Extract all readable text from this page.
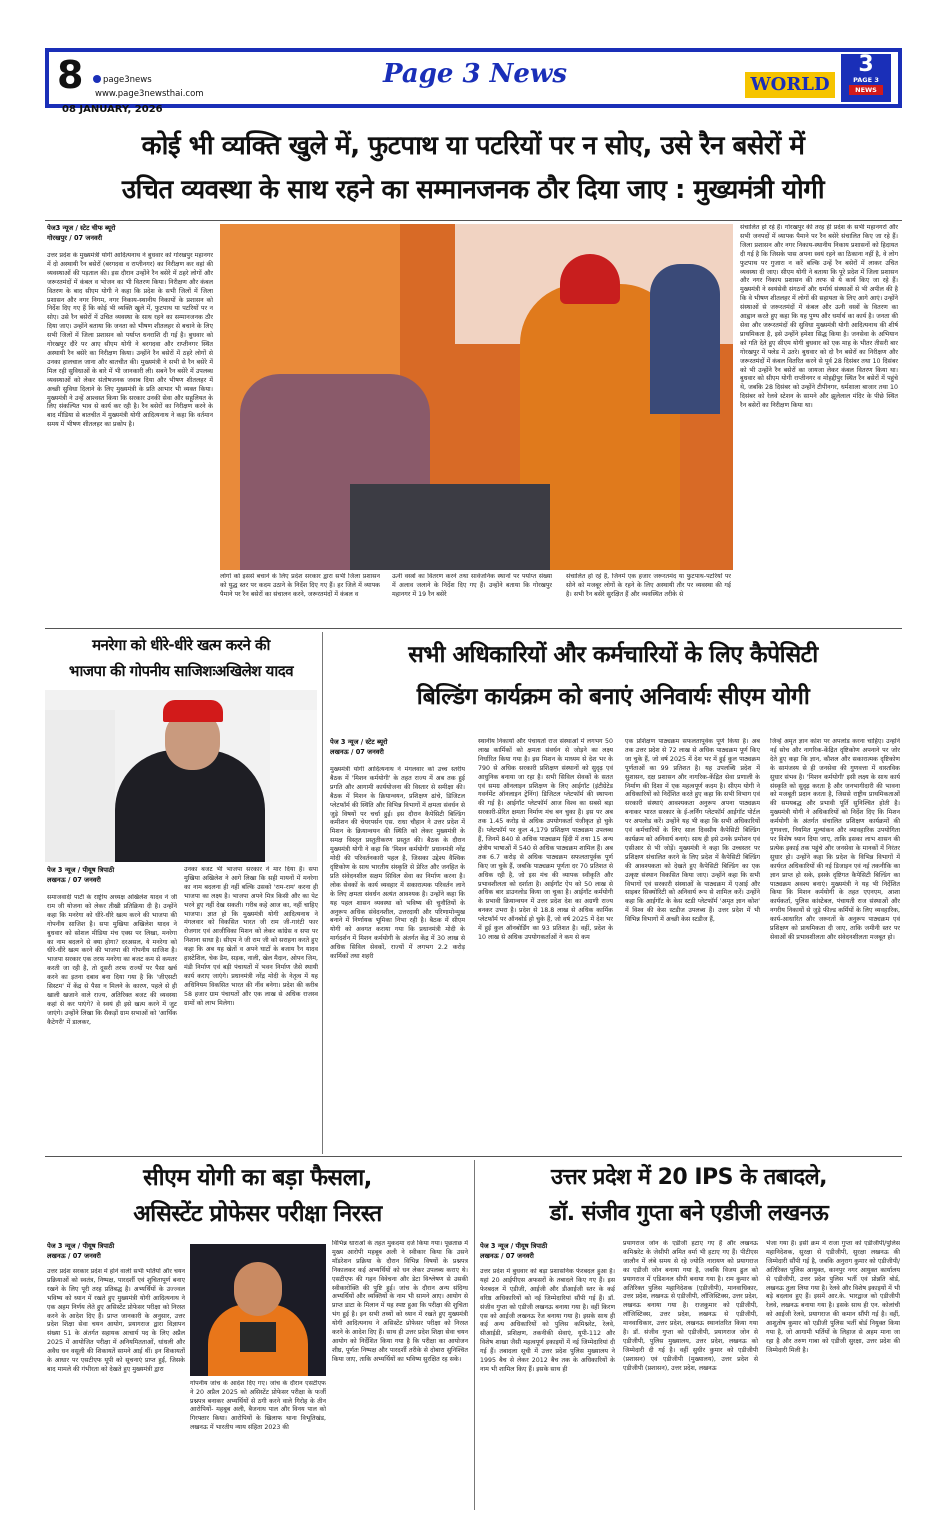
8	page3news
www.page3newsthai.com
Page 3 News	WORLD
3
PAGE 3
NEWS
08 JANUARY, 2026
कोई भी व्यक्ति खुले में, फुटपाथ या पटरियों पर न सोए, उसे रैन बसेरों में
उचित व्यवस्था के साथ रहने का सम्मानजनक ठौर दिया जाए : मुख्यमंत्री योगी
पेज3 न्यूज / स्टेट चीफ ब्यूरो
गोरखपुर / 07 जनवरी
उत्तर प्रदेश के मुख्यमंत्री योगी आदित्यनाथ ने बुधवार को गोरखपुर महानगर में दो अस्थायी रैन बसेरों (बरगदवा व राप्तीनगर) का निरीक्षण कर वहां की व्यवस्थाओं की पड़ताल की। इस दौरान उन्होंने रैन बसेरे में ठहरे लोगों और जरूरतमंदों में कंबल व भोजन का भी वितरण किया। निरीक्षण और कंबल वितरण के बाद सीएम योगी ने कहा कि प्रदेश के सभी जिलों में जिला प्रशासन और नगर निगम, नगर निकाय-स्थानीय निकायों के प्रशासन को निर्देश दिए गए हैं कि कोई भी व्यक्ति खुले में, फुटपाथ या पटरियों पर न सोए। उसे रैन बसेरों में उचित व्यवस्था के साथ रहने का सम्मानजनक ठौर दिया जाए। उन्होंने बताया कि जनता को भीषण शीतलहर से बचाने के लिए सभी जिलों में जिला प्रशासन को पर्याप्त धनराशि दी गई है। बुधवार को गोरखपुर दौरे पर आए सीएम योगी ने बरगदवा और राप्तीनगर स्थित अस्थायी रैन बसेरे का निरीक्षण किया। उन्होंने रैन बसेरों में ठहरे लोगों से उनका हालचाल जाना और बातचीत की। मुख्यमंत्री ने सभी से रैन बसेरे में मिल रही सुविधाओं के बारे में भी जानकारी ली। सबने रैन बसेरे में उपलब्ध व्यवस्थाओं को लेकर संतोषजनक जवाब दिया और भीषण शीतलहर में अच्छी सुविधा दिलाने के लिए मुख्यमंत्री के प्रति आभार भी व्यक्त किया। मुख्यमंत्री ने उन्हें आश्वस्त किया कि सरकार उनकी सेवा और सहूलियत के लिए संकल्पित भाव से कार्य कर रही है। रैन बसेरों का निरीक्षण करने के बाद मीडिया से बातचीत में मुख्यमंत्री योगी आदित्यनाथ ने कहा कि वर्तमान समय में भीषण शीतलहर का प्रकोप है।
लोगों को इससे बचाने के लिए प्रदेश सरकार द्वारा सभी जिला प्रशासन को युद्ध स्तर पर कदम उठाने के निर्देश दिए गए हैं। हर जिले में व्यापक पैमाने पर रैन बसेरों का संचालन करने, जरूरतमंदों में कंबल व
ऊनी वस्त्रों का वितरण करने तथा सार्वजनिक स्थानों पर पर्याप्त संख्या में अलाव जलाने के निर्देश दिए गए हैं। उन्होंने बताया कि गोरखपुर महानगर में 19 रैन बसेरे
संचालित हो रहे हैं, जिनमें एक हजार जरूरतमंद या फुटपाथ-पटरियों पर सोने को मजबूर लोगों के रहने के लिए अस्थायी तौर पर व्यवस्था की गई है। सभी रैन बसेरे सुरक्षित हैं और व्यवस्थित तरीके से
संचालित हो रहे हैं। गोरखपुर की तरह ही प्रदेश के सभी महानगरों और सभी जनपदों में व्यापक पैमाने पर रैन बसेरे संचालित किए जा रहे हैं। जिला प्रशासन और नगर निकाय-स्थानीय निकाय प्रशासनों को हिदायत दी गई है कि जिसके पास अपना स्वयं रहने का ठिकाना नहीं है, वे लोग फुटपाथ पर गुजारा न करें बल्कि उन्हें रैन बसेरों में लाकर उचित व्यवस्था दी जाए। सीएम योगी ने बताया कि पूरे प्रदेश में जिला प्रशासन और नगर निकाय प्रशासन की तरफ से ये कार्य किए जा रहे हैं। मुख्यमंत्री ने स्वयंसेवी संगठनों और धर्मार्थ संस्थाओं से भी अपील की है कि वे भीषण शीतलहर में लोगों की सहायता के लिए आगे आएं। उन्होंने संस्थाओं से जरूरतमंदों में कंबल और ऊनी वस्त्रों के वितरण का आह्वान करते हुए कहा कि यह पुण्य और धर्मार्थ का कार्य है। जनता की सेवा और जरूरतमंदों की सुविधा मुख्यमंत्री योगी आदित्यनाथ की शीर्ष प्राथमिकता है, इसे उन्होंने हमेशा सिद्ध किया है। जनसेवा के अभियान को गति देते हुए सीएम योगी बुधवार को एक माह के भीतर तीसरी बार गोरखपुर में फ्लेड में उतरे। बुधवार को दो रैन बसेरों का निरीक्षण और जरूरतमंदों में कंबल वितरित करने से पूर्व 28 दिसंबर तथा 10 दिसंबर को भी उन्होंने रैन बसेरों का जायजा लेकर कंबल वितरण किया था। बुधवार को सीएम योगी राप्तीनगर व मोहद्दीपुर स्थित रैन बसेरों में पहुंचे थे, जबकि 28 दिसंबर को उन्होंने टीपीनगर, धर्मशाला बाजार तथा 10 दिसंबर को रेलवे स्टेशन के सामने और झूलेलाल मंदिर के पीछे स्थित रैन बसेरों का निरीक्षण किया था।
मनरेगा को धीरे-धीरे खत्म करने की
भाजपा की गोपनीय साजिशःअखिलेश यादव
पेज 3 न्यूज / पीयूष त्रिपाठी
लखनऊ / 07 जनवरी
समाजवादी पार्टी के राष्ट्रीय अध्यक्ष अखिलेश यादव ने जी राम जी योजना को लेकर तीखी प्रतिक्रिया दी है। उन्होंने कहा कि मनरेगा को धीरे-धीरे खत्म करने की भाजपा की गोपनीय साजिश है। सपा मुखिया अखिलेश यादव ने बुधवार को सोशल मीडिया मंच एक्स पर लिखा, मनरेगा का नाम बदलने से क्या होगा? दरअसल, ये मनरेगा को धीरे-धीरे खत्म करने की भाजपा की गोपनीय साजिश है। भाजपा सरकार एक तरफ मनरेगा का बजट कम से कमतर करती जा रही है, तो दूसरी तरफ राज्यों पर पैसा खर्च करने का इतना दबाव बना दिया गया है कि 'जीएसटी सिस्टम' में केंद्र से पैसा न मिलने के कारण, पहले से ही खाली खजाने वाले राज्य, अतिरिक्त बजट की व्यवस्था कहां से कर पाएंगे? वे स्वयं ही इसे खत्म करने में जुट जाएंगे। उन्होंने लिखा कि सैकड़ों ग्राम सभाओं को 'आर्थिक कैटेगरी' में डालकर,
उनका बजट भी भाजपा सरकार ने मार दिया है। सपा मुखिया अखिलेश ने आगे लिखा कि सही मायनों में मनरेगा का नाम बदलना ही नहीं बल्कि उसको 'राम-राम' करना ही भाजपा का लक्ष्य है। भाजपा अपने मित्र किसी और का पेट भरने हुए नहीं देख सकती। गरीब कहे आज का, नहीं चाहिए भाजपा। ज्ञात हो कि मुख्यमंत्री योगी आदित्यनाथ ने मंगलवार को विकसित भारत जी राम जी-गारंटी फार रोजगार एवं आजीविका मिशन को लेकर कांग्रेस व सपा पर निशाना साधा है। सीएम ने जी राम जी को सराहना करते हुए कहा कि अब यह खेतों व अपने घाटों के बजाय रैन यादव हास्टेशिल, चेक डैम, सड़क, नाली, खेल मैदान, ओपन जिम, मंडी निर्माण एवं बड़ी पंचायतों में भवन निर्माण जैसे स्थायी कार्य कराए जाएंगे। प्रधानमंत्री नरेंद्र मोदी के नेतृत्व में यह अधिनियम विकसित भारत की नींव बनेगा। प्रदेश की करीब 58 हजार ग्राम पंचायतों और एक लाख से अधिक राजस्व ग्रामों को लाभ मिलेगा।
सभी अधिकारियों और कर्मचारियों के लिए कैपेसिटी
बिल्डिंग कार्यक्रम को बनाएं अनिवार्यः सीएम योगी
पेज 3 न्यूज / स्टेट ब्यूरो
लखनऊ / 07 जनवरी
मुख्यमंत्री योगी आदित्यनाथ ने मंगलवार को उच्च स्तरीय बैठक में 'मिशन कर्मयोगी' के तहत राज्य में अब तक हुई प्रगति और आगामी कार्ययोजना की विस्तार से समीक्षा की। बैठक में मिशन के क्रियान्वयन, प्रशिक्षण ढांचे, डिजिटल प्लेटफॉर्म की स्थिति और विभिन्न विभागों में क्षमता संवर्धन से जुड़े विषयों पर चर्चा हुई। इस दौरान कैपेसिटी बिल्डिंग कमीशन की चेयरपर्सन एस. राधा चौहान ने उत्तर प्रदेश में मिशन के क्रियान्वयन की स्थिति को लेकर मुख्यमंत्री के समक्ष विस्तृत प्रस्तुतीकरण प्रस्तुत की। बैठक के दौरान मुख्यमंत्री योगी ने कहा कि 'मिशन कर्मयोगी' प्रधानमंत्री नरेंद्र मोदी की परिवर्तनकारी पहल है, जिसका उद्देश्य वैश्विक दृष्टिकोण के साथ भारतीय संस्कृति से प्रेरित और जनहित के प्रति संवेदनशील सक्षम सिविल सेवा का निर्माण करना है। लोक सेवकों के कार्य व्यवहार में सकारात्मक परिवर्तन लाने के लिए क्षमता संवर्धन अत्यंत आवश्यक है। उन्होंने कहा कि यह पहल शासन व्यवस्था को भविष्य की चुनौतियों के अनुरूप अधिक संवेदनशील, उत्तरदायी और परिणामोन्मुख बनाने में निर्णायक भूमिका निभा रही है। बैठक में सीएम योगी को अवगत कराया गया कि प्रधानमंत्री मोदी के मार्गदर्शन में मिशन कर्मयोगी के अंतर्गत केंद्र में 30 लाख से अधिक सिविल सेवकों, राज्यों में लगभग 2.2 करोड़ कार्मिकों तथा शहरी
स्थानीय निकायों और पंचायतों राज संस्थाओं में लगभग 50 लाख कार्मिकों को क्षमता संवर्धन से जोड़ने का लक्ष्य निर्धारित किया गया है। इस मिशन के माध्यम से देश भर के 790 से अधिक सरकारी प्रशिक्षण संस्थानों को सुदृढ़ एवं आधुनिक बनाया जा रहा है। सभी सिविल सेवकों के सतत एवं समग्र ऑनलाइन प्रशिक्षण के लिए आईगॉट (इंटीग्रेटेड गवर्नमेंट ऑनलाइन ट्रेनिंग) डिजिटल प्लेटफॉर्म की स्थापना की गई है। आईगॉट प्लेटफॉर्म आज विश्व का सबसे बड़ा सरकारी-प्रेरित क्षमता निर्माण मंच बन चुका है। इस पर अब तक 1.45 करोड़ से अधिक उपयोगकर्ता पंजीकृत हो चुके हैं। प्लेटफॉर्म पर कुल 4,179 प्रशिक्षण पाठ्यक्रम उपलब्ध हैं, जिनमें 840 से अधिक पाठ्यक्रम हिंदी में तथा 15 अन्य क्षेत्रीय भाषाओं में 540 से अधिक पाठ्यक्रम शामिल हैं। अब तक 6.7 करोड़ से अधिक पाठ्यक्रम सफलतापूर्वक पूर्ण किए जा चुके हैं, जबकि पाठ्यक्रम पूर्णता दर 70 प्रतिशत से अधिक रही है, जो इस मंच की व्यापक स्वीकृति और प्रभावशीलता को दर्शाता है। आईगॉट ऐप को 50 लाख से अधिक बार डाउनलोड किया जा चुका है। आईगॉट कर्मयोगी के प्रभावी क्रियान्वयन में उत्तर प्रदेश देश का अग्रणी राज्य बनकर उभरा है। प्रदेश से 18.8 लाख से अधिक कार्मिक प्लेटफॉर्म पर ऑनबोर्ड हो चुके हैं, जो वर्ष 2025 में देश भर में हुई कुल ऑनबोर्डिंग का 93 प्रतिशत है। वहीं, प्रदेश के 10 लाख से अधिक उपयोगकर्ताओं ने कम से कम
एक प्रशिक्षण पाठ्यक्रम सफलतापूर्वक पूर्ण किया है। अब तक उत्तर प्रदेश से 72 लाख से अधिक पाठ्यक्रम पूर्ण किए जा चुके हैं, जो वर्ष 2025 में देश भर में हुई कुल पाठ्यक्रम पूर्णताओं का 99 प्रतिशत है। यह उपलब्धि प्रदेश में सुशासन, दक्ष प्रशासन और नागरिक-केंद्रित सेवा प्रणाली के निर्माण की दिशा में एक महत्वपूर्ण कदम है। सीएम योगी ने अधिकारियों को निर्देशित करते हुए कहा कि सभी विभाग एवं सरकारी संस्थाएं आवश्यकता अनुरूप अपना पाठ्यक्रम बनाकर भारत सरकार के ई-लर्निंग प्लेटफॉर्म आईगॉट पोर्टल पर अपलोड करें। उन्होंने यह भी कहा कि सभी अधिकारियों एवं कर्मचारियों के लिए साल दिवसीय कैपेसिटी बिल्डिंग कार्यक्रम को अनिवार्य बनाएं। साथ ही इसे उनके प्रमोशन एवं एसीआर से भी जोड़ें। मुख्यमंत्री ने कहा कि उच्चस्तर पर प्रशिक्षण संचालित करने के लिए प्रदेश में कैपेसिटी बिल्डिंग की आवश्यकता को देखते हुए कैपेसिटी बिल्डिंग का एक उत्कृष्ट संस्थान विकसित किया जाए। उन्होंने कहा कि सभी विभागों एवं सरकारी संस्थाओं के पाठ्यक्रम में एआई और साइबर सिक्योरिटी को अनिवार्य रूप से शामिल करें। उन्होंने कहा कि आईगॉट के केस स्टडी प्लेटफॉर्म 'अमृत ज्ञान कोश' में विश्व की केस स्टडीज उपलब्ध हैं। उत्तर प्रदेश में भी विभिन्न विभागों में अच्छी केस स्टडीज हैं,
जिन्हें अमृत ज्ञान कोश पर अपलोड करना चाहिए। उन्होंने नई सोच और नागरिक-केंद्रित दृष्टिकोण अपनाने पर जोर देते हुए कहा कि ज्ञान, कौशल और सकारात्मक दृष्टिकोण के सामंजस्य से ही जनसेवा की गुणवत्ता में वास्तविक सुधार संभव है। 'मिशन कर्मयोगी' इसी लक्ष्य के साथ कार्य संस्कृति को सुदृढ़ करता है और जनभागीदारी की भावना को मजबूती प्रदान करता है, जिससे राष्ट्रीय प्राथमिकताओं की समयबद्ध और प्रभावी पूर्ति सुनिश्चित होती है। मुख्यमंत्री योगी ने अधिकारियों को निर्देश दिए कि मिशन कर्मयोगी के अंतर्गत संचालित प्रशिक्षण कार्यक्रमों की गुणवत्ता, नियमित मूल्यांकन और व्यावहारिक उपयोगिता पर विशेष ध्यान दिया जाए, ताकि इसका लाभ शासन की प्रत्येक इकाई तक पहुंचे और जनसेवा के मानकों में निरंतर सुधार हो। उन्होंने कहा कि प्रदेश के विभिन्न विभागों में कार्यरत अधिकारियों की नई डिजाइन एवं नई तकनीकि का ज्ञान प्राप्त हो सके, इसके दृष्टिगत कैपेसिटी बिल्डिंग का पाठ्यक्रम अवश्य बनाएं। मुख्यमंत्री ने यह भी निर्देशित किया कि मिशन कर्मयोगी के तहत एएनएम, आशा कार्यकर्ता, पुलिस कांस्टेबल, पंचायती राज संस्थाओं और नगरीय निकायों से जुड़े फील्ड कर्मियों के लिए व्यवहारिक, कार्य-आधारित और जरूरतों के अनुरूप पाठ्यक्रम एवं प्रशिक्षण को प्राथमिकता दी जाए, ताकि जमीनी स्तर पर सेवाओं की प्रभावशीलता और संवेदनशीलता मजबूत हो।
सीएम योगी का बड़ा फैसला,
असिस्टेंट प्रोफेसर परीक्षा निरस्त
पेज 3 न्यूज / पीयूष त्रिपाठी
लखनऊ / 07 जनवरी
उत्तर प्रदेश सरकार प्रदेश में होने वाली सभी भर्तियों और चयन प्रक्रियाओं को स्वतंत्र, निष्पक्ष, पारदर्शी एवं शुचितापूर्ण बनाए रखने के लिए पूरी तरह प्रतिबद्ध है। अभ्यर्थियों के उज्ज्वल भविष्य को ध्यान में रखते हुए मुख्यमंत्री योगी आदित्यनाथ ने एक अहम निर्णय लेते हुए असिस्टेंट प्रोफेसर परीक्षा को निरस्त करने के आदेश दिए हैं। प्राप्त जानकारी के अनुसार, उत्तर प्रदेश शिक्षा सेवा चयन आयोग, प्रयागराज द्वारा विज्ञापन संख्या 51 के अंतर्गत सहायक आचार्य पद के लिए अप्रैल 2025 में आयोजित परीक्षा में अनियमितताओं, धांधली और अवैध धन वसूली की शिकायतें सामने आई थीं। इन शिकायतों के आधार पर एसटीएफ यूपी को सूचनाएं प्राप्त हुईं, जिसके बाद मामले की गंभीरता को देखते हुए मुख्यमंत्री द्वारा
गोपनीय जांच के आदेश दिए गए। जांच के दौरान एसटीएफ ने 20 अप्रैल 2025 को असिस्टेंट प्रोफेसर परीक्षा के फर्जी प्रश्नपत्र बनाकर अभ्यर्थियों से ठगी करने वाले गिरोह के तीन आरोपियों- महबूब अली, बैजनाथ पाल और विनय पाल को गिरफ्तार किया। आरोपियों के खिलाफ थाना विभूतिखंड, लखनऊ में भारतीय न्याय संहिता 2023 की
विभिन्न धाराओं के तहत मुकदमा दर्ज किया गया। पूछताछ में मुख्य आरोपी महबूब अली ने स्वीकार किया कि उसने मॉडरेशन प्रक्रिया के दौरान विभिन्न विषयों के प्रश्नपत्र निकालकर कई अभ्यर्थियों को धन लेकर उपलब्ध कराए थे। एसटीएफ की गहन विवेचना और डेटा विश्लेषण से उसकी स्वीकारोक्ति की पुष्टि हुई। जांच के दौरान अन्य संदिग्ध अभ्यर्थियों और व्यक्तियों के नाम भी सामने आए। आयोग से प्राप्त डाटा के मिलान में यह स्पष्ट हुआ कि परीक्षा की शुचिता भंग हुई है। इन सभी तथ्यों को ध्यान में रखते हुए मुख्यमंत्री योगी आदित्यनाथ ने असिस्टेंट प्रोफेसर परीक्षा को निरस्त करने के आदेश दिए हैं। साथ ही उत्तर प्रदेश शिक्षा सेवा चयन आयोग को निर्देशित किया गया है कि परीक्षा का आयोजन शीघ्र, पूर्णतः निष्पक्ष और पारदर्शी तरीके से दोबारा सुनिश्चित किया जाए, ताकि अभ्यर्थियों का भविष्य सुरक्षित रह सके।
उत्तर प्रदेश में 20 IPS के तबादले,
डॉ. संजीव गुप्ता बने एडीजी लखनऊ
पेज 3 न्यूज / पीयूष त्रिपाठी
लखनऊ / 07 जनवरी
उत्तर प्रदेश में बुधवार को बड़ा प्रशासनिक फेरबदल हुआ है। यहां 20 आईपीएस अफसरों के तबादले किए गए हैं। इस फेरबदल में एडीजी, आईजी और डीआईजी स्तर के कई वरिष्ठ अधिकारियों को नई जिम्मेदारियां सौंपी गई हैं। डॉ. संजीव गुप्ता को एडीजी लखनऊ बनाया गया है। वहीं किरण एस को आईजी लखनऊ रेंज बनाया गया है। इसके साथ ही कई अन्य अधिकारियों को पुलिस कमिश्नरेट, रेलवे, सीआईडी, प्रशिक्षण, तकनीकी सेवाएं, यूपी-112 और विशेष शाखा जैसी महत्वपूर्ण इकाइयों में नई जिम्मेदारियां दी गई हैं। तबादला सूची में उत्तर प्रदेश पुलिस मुख्यालय ने 1995 बैच से लेकर 2012 बैच तक के अधिकारियों के नाम भी शामिल किए हैं। इसके साथ ही
प्रयागराज जोन के एडीजी हटाए गए हैं और लखनऊ कमिश्नरेट के जेसीपी अमित वर्मा भी हटाए गए हैं। पीटीएस जालौन में लंबे समय से रहे ज्योति नारायण को प्रयागराज का एडीजी जोन बनाया गया है, जबकि विजय ढुल को प्रयागराज में एडिशनल सीपी बनाया गया है। राम कुमार को अतिरिक्त पुलिस महानिदेशक (एडीजीपी), मानवाधिकार, उत्तर प्रदेश, लखनऊ से एडीजीपी, लॉजिस्टिक्स, उत्तर प्रदेश, लखनऊ बनाया गया है। राजकुमार को एडीजीपी, लॉजिस्टिक्स, उत्तर प्रदेश, लखनऊ से एडीजीपी, मानवाधिकार, उत्तर प्रदेश, लखनऊ स्थानांतरित किया गया है। डॉ. संजीव गुप्ता को एडीजीपी, प्रयागराज जोन से एडीजीपी, पुलिस मुख्यालय, उत्तर प्रदेश, लखनऊ को जिम्मेदारी दी गई है। वहीं सुधीर कुमार को एडीजीपी (प्रशासन) एवं एडीजीपी (मुख्यालय), उत्तर प्रदेश से एडीजीपी (प्रशासन), उत्तर प्रदेश, लखनऊ
भेजा गया है। इसी क्रम में राजा गुप्ता को एडीजीपी/पुलिस महानिदेशक, सुरक्षा से एडीजीपी, सुरक्षा लखनऊ की जिम्मेदारी सौंपी गई है, जबकि अनुराग कुमार को एडीजीपी/अतिरिक्त पुलिस आयुक्त, कानपुर नगर आयुक्त कार्यालय से एडीजीपी, उत्तर प्रदेश पुलिस भर्ती एवं प्रोन्नति बोर्ड, लखनऊ तुला लिया गया है। रेलवे और विशेष इकाइयों में भी बड़े बदलाव हुए हैं। इसमें आर.के. भारद्वाज को एडीजीपी रेलवे, लखनऊ बनाया गया है। इसके साथ ही एन. कोलांची को आईजी रेलवे, प्रयागराज की कमान सौंपी गई है। वहीं, आशुतोष कुमार को एडीजी पुलिस भर्ती बोर्ड नियुक्त किया गया है, जो आगामी भर्तियों के लिहाज से अहम माना जा रहा है और तरुण गाबा को एडीजी सुरक्षा, उत्तर प्रदेश की जिम्मेदारी मिली है।
